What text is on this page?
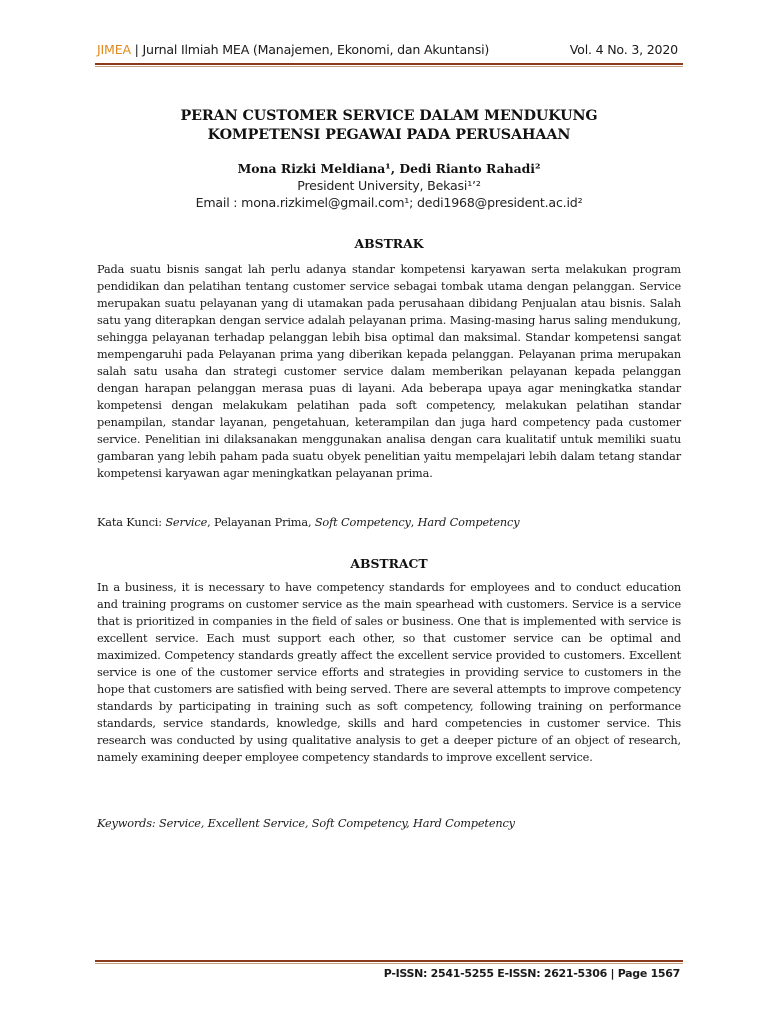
JIMEA | Jurnal Ilmiah MEA (Manajemen, Ekonomi, dan Akuntansi)	Vol. 4 No. 3, 2020
PERAN CUSTOMER SERVICE DALAM MENDUKUNG
KOMPETENSI PEGAWAI PADA PERUSAHAAN
Mona Rizki Meldiana¹, Dedi Rianto Rahadi²
President University, Bekasi¹ʼ²
Email : mona.rizkimel@gmail.com¹; dedi1968@president.ac.id²
ABSTRAK

Pada suatu bisnis sangat lah perlu adanya standar kompetensi karyawan serta melakukan program pendidikan dan pelatihan tentang customer service sebagai tombak utama dengan pelanggan. Service merupakan suatu pelayanan yang di utamakan pada perusahaan dibidang Penjualan atau bisnis. Salah satu yang diterapkan dengan service adalah pelayanan prima. Masing-masing harus saling mendukung, sehingga pelayanan terhadap pelanggan lebih bisa optimal dan maksimal. Standar kompetensi sangat mempengaruhi pada Pelayanan prima yang diberikan kepada pelanggan. Pelayanan prima merupakan salah satu usaha dan strategi customer service dalam memberikan pelayanan kepada pelanggan dengan harapan pelanggan merasa puas di layani. Ada beberapa upaya agar meningkatka standar kompetensi dengan melakukam pelatihan pada soft competency, melakukan pelatihan standar penampilan, standar layanan, pengetahuan, keterampilan dan juga hard competency pada customer service. Penelitian ini dilaksanakan menggunakan analisa dengan cara kualitatif untuk memiliki suatu gambaran yang lebih paham pada suatu obyek penelitian yaitu mempelajari lebih dalam tetang standar kompetensi karyawan agar meningkatkan pelayanan prima.

Kata Kunci: Service, Pelayanan Prima, Soft Competency, Hard Competency
ABSTRACT

In a business, it is necessary to have competency standards for employees and to conduct education and training programs on customer service as the main spearhead with customers. Service is a service that is prioritized in companies in the field of sales or business. One that is implemented with service is excellent service. Each must support each other, so that customer service can be optimal and maximized. Competency standards greatly affect the excellent service provided to customers. Excellent service is one of the customer service efforts and strategies in providing service to customers in the hope that customers are satisfied with being served. There are several attempts to improve competency standards by participating in training such as soft competency, following training on performance standards, service standards, knowledge, skills and hard competencies in customer service. This research was conducted by using qualitative analysis to get a deeper picture of an object of research, namely examining deeper employee competency standards to improve excellent service.

Keywords: Service, Excellent Service, Soft Competency, Hard Competency
P-ISSN: 2541-5255 E-ISSN: 2621-5306 | Page 1567
